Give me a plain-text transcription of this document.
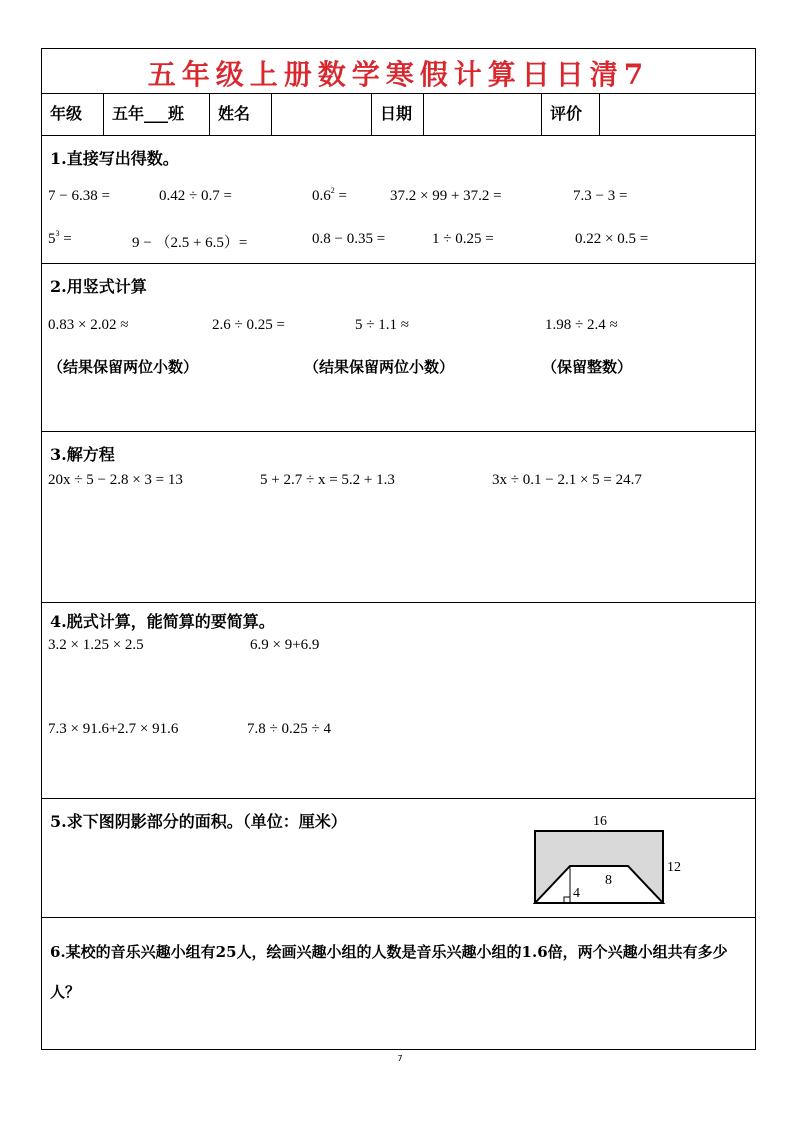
五年级上册数学寒假计算日日清7
年级	五年___班	姓名	日期	评价
1.直接写出得数。
7 − 6.38 =	0.42 ÷ 0.7 =	$0.6^2$ =	37.2 × 99 + 37.2 =	7.3 − 3 =
$5^3$ =	9 − （2.5 + 6.5）=	0.8 − 0.35 =	1 ÷ 0.25 =	0.22 × 0.5 =
2.用竖式计算
0.83 × 2.02 ≈	2.6 ÷ 0.25 =	5 ÷ 1.1 ≈	1.98 ÷ 2.4 ≈
（结果保留两位小数）	（结果保留两位小数）	（保留整数）
3.解方程
20x ÷ 5 − 2.8 × 3 = 13	5 + 2.7 ÷ x = 5.2 + 1.3	3x ÷ 0.1 − 2.1 × 5 = 24.7
4.脱式计算，能简算的要简算。
3.2 × 1.25 × 2.5	6.9 × 9+6.9
7.3 × 91.6+2.7 × 91.6	7.8 ÷ 0.25 ÷ 4
5.求下图阴影部分的面积。（单位：厘米）	16
12
8
4
6.某校的音乐兴趣小组有25人，绘画兴趣小组的人数是音乐兴趣小组的1.6倍，两个兴趣小组共有多少人？
7
